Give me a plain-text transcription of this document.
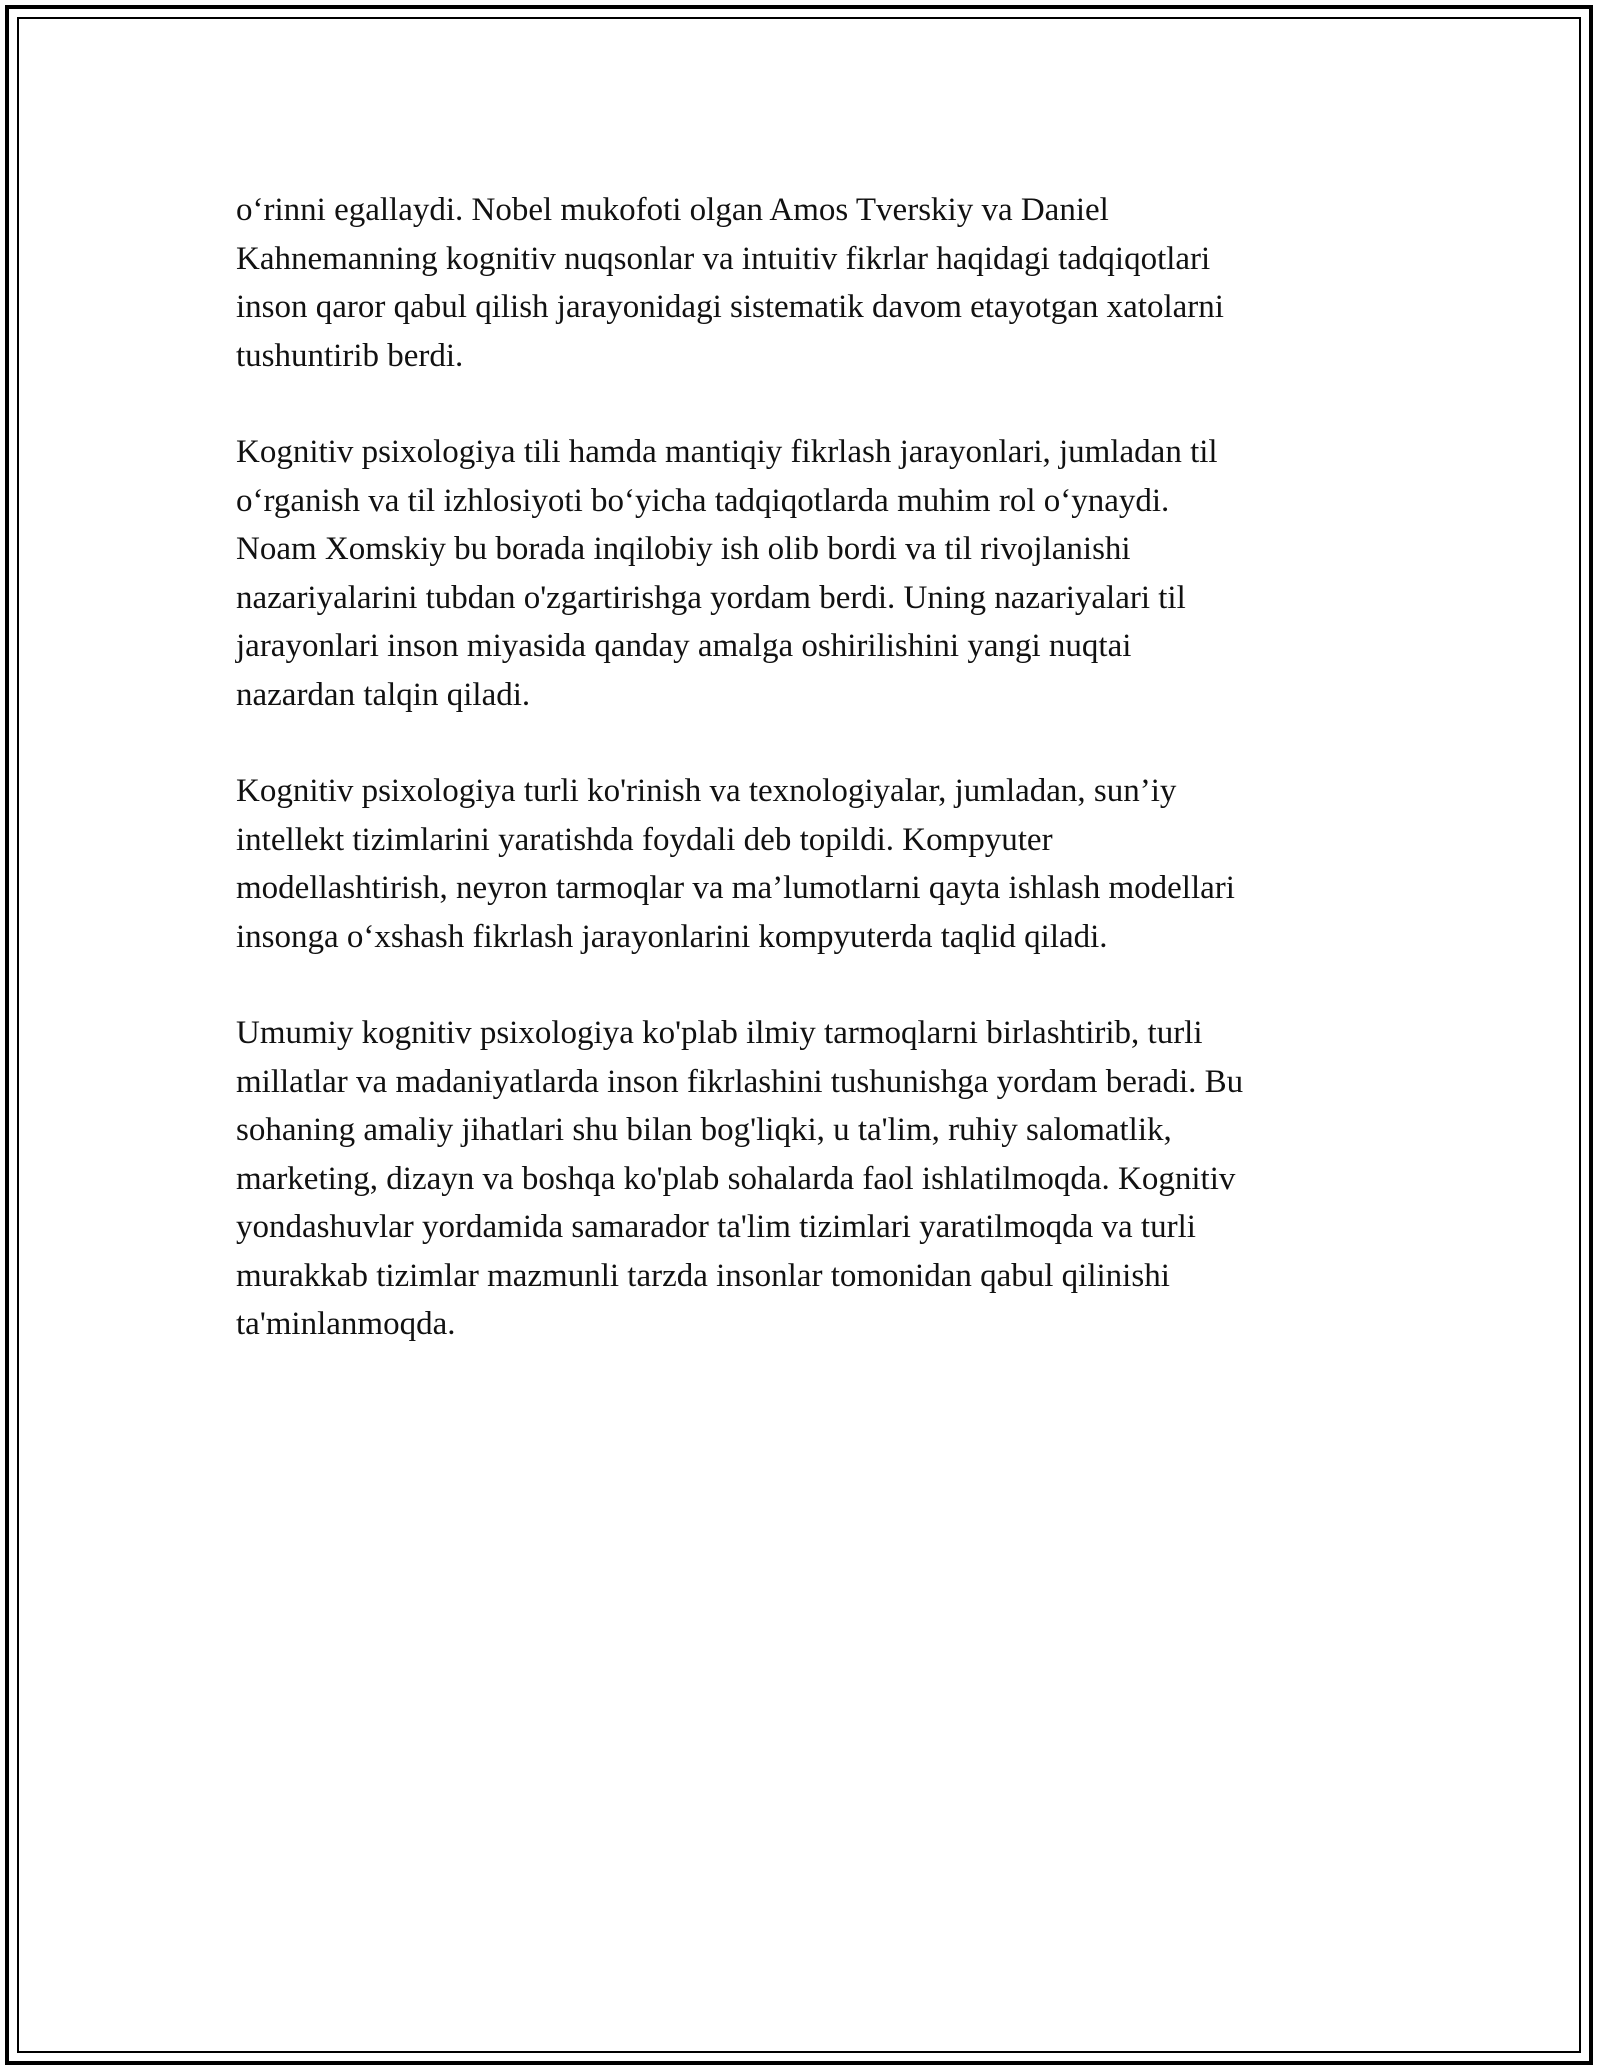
o‘rinni egallaydi. Nobel mukofoti olgan Amos Tverskiy va Daniel
Kahnemanning kognitiv nuqsonlar va intuitiv fikrlar haqidagi tadqiqotlari
inson qaror qabul qilish jarayonidagi sistematik davom etayotgan xatolarni
tushuntirib berdi.

Kognitiv psixologiya tili hamda mantiqiy fikrlash jarayonlari, jumladan til
o‘rganish va til izhlosiyoti bo‘yicha tadqiqotlarda muhim rol o‘ynaydi.
Noam Xomskiy bu borada inqilobiy ish olib bordi va til rivojlanishi
nazariyalarini tubdan o'zgartirishga yordam berdi. Uning nazariyalari til
jarayonlari inson miyasida qanday amalga oshirilishini yangi nuqtai
nazardan talqin qiladi.

Kognitiv psixologiya turli ko'rinish va texnologiyalar, jumladan, sun’iy
intellekt tizimlarini yaratishda foydali deb topildi. Kompyuter
modellashtirish, neyron tarmoqlar va ma’lumotlarni qayta ishlash modellari
insonga o‘xshash fikrlash jarayonlarini kompyuterda taqlid qiladi.

Umumiy kognitiv psixologiya ko'plab ilmiy tarmoqlarni birlashtirib, turli
millatlar va madaniyatlarda inson fikrlashini tushunishga yordam beradi. Bu
sohaning amaliy jihatlari shu bilan bog'liqki, u ta'lim, ruhiy salomatlik,
marketing, dizayn va boshqa ko'plab sohalarda faol ishlatilmoqda. Kognitiv
yondashuvlar yordamida samarador ta'lim tizimlari yaratilmoqda va turli
murakkab tizimlar mazmunli tarzda insonlar tomonidan qabul qilinishi
ta'minlanmoqda.
